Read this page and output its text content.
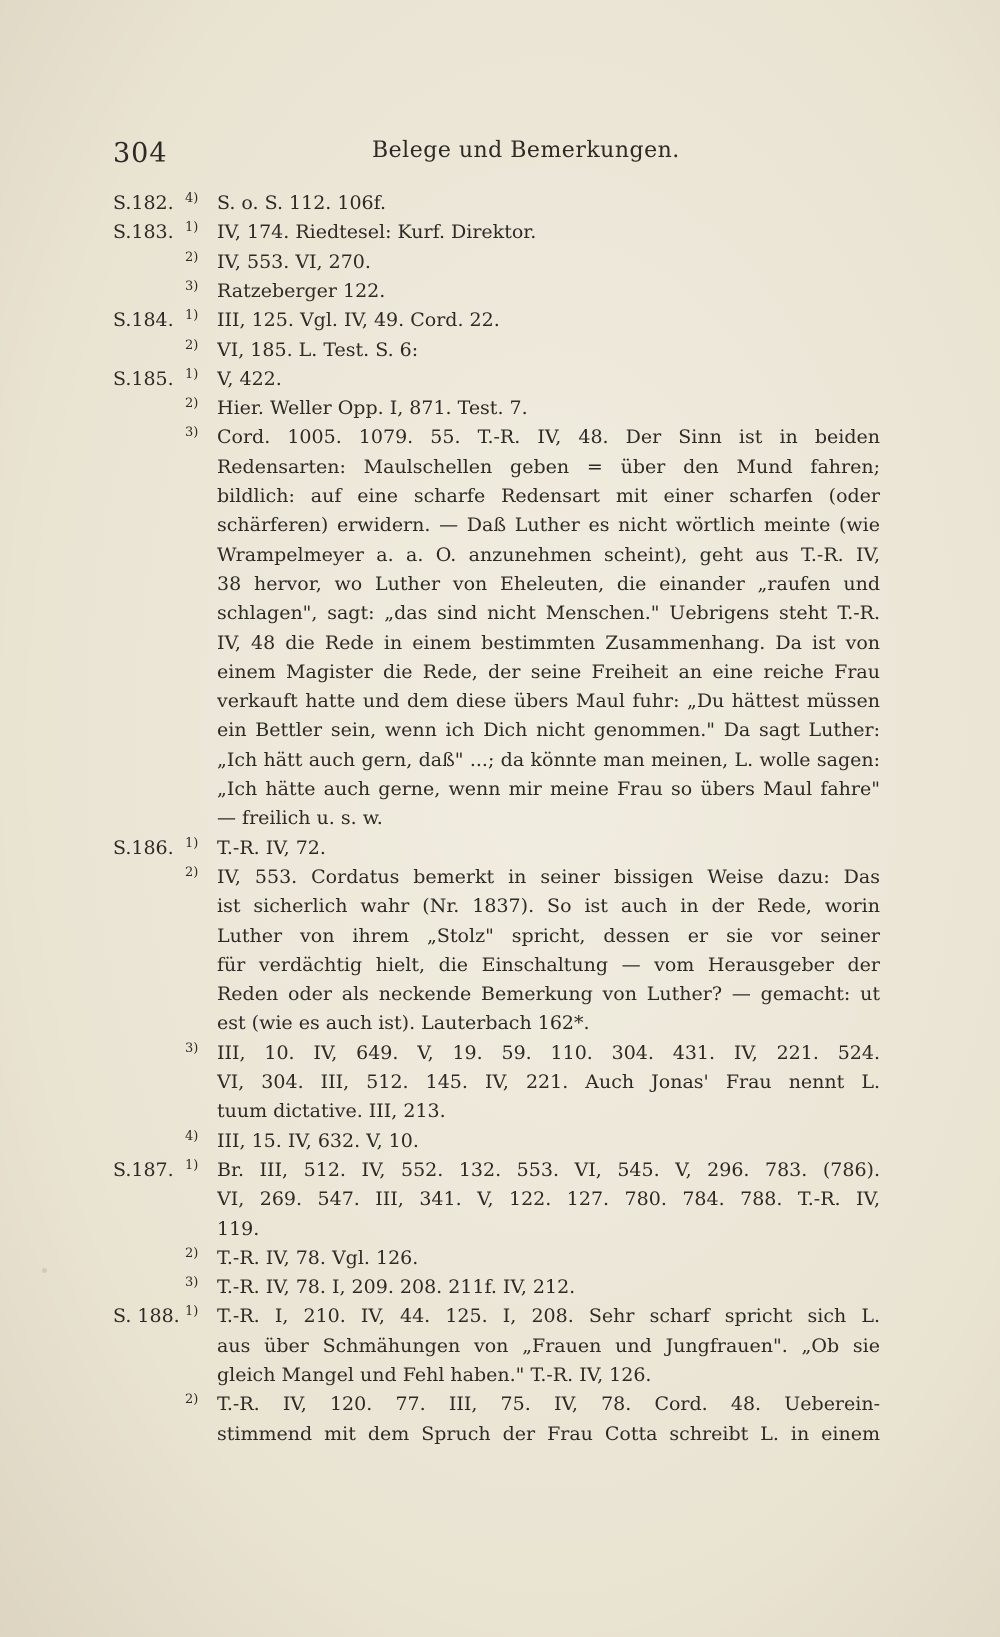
304	Belege und Bemerkungen.
S.182. 4) S. o. S. 112. 106f.
S.183. 1) IV, 174. Riedtesel: Kurf. Direktor.
2) IV, 553. VI, 270.
3) Ratzeberger 122.
S.184. 1) III, 125. Vgl. IV, 49. Cord. 22.
2) VI, 185. L. Test. S. 6:
S.185. 1) V, 422.
2) Hier. Weller Opp. I, 871. Test. 7.
3) Cord. 1005. 1079. 55. T.-R. IV, 48. Der Sinn ist in beiden
Redensarten: Maulschellen geben = über den Mund fahren;
bildlich: auf eine scharfe Redensart mit einer scharfen (oder
schärferen) erwidern. — Daß Luther es nicht wörtlich meinte (wie
Wrampelmeyer a. a. O. anzunehmen scheint), geht aus T.-R. IV,
38 hervor, wo Luther von Eheleuten, die einander „raufen und
schlagen", sagt: „das sind nicht Menschen." Uebrigens steht T.-R.
IV, 48 die Rede in einem bestimmten Zusammenhang. Da ist von
einem Magister die Rede, der seine Freiheit an eine reiche Frau
verkauft hatte und dem diese übers Maul fuhr: „Du hättest müssen
ein Bettler sein, wenn ich Dich nicht genommen." Da sagt Luther:
„Ich hätt auch gern, daß" ...; da könnte man meinen, L. wolle sagen:
„Ich hätte auch gerne, wenn mir meine Frau so übers Maul fahre"
— freilich u. s. w.
S.186. 1) T.-R. IV, 72.
2) IV, 553. Cordatus bemerkt in seiner bissigen Weise dazu: Das
ist sicherlich wahr (Nr. 1837). So ist auch in der Rede, worin
Luther von ihrem „Stolz" spricht, dessen er sie vor seiner
für verdächtig hielt, die Einschaltung — vom Herausgeber der
Reden oder als neckende Bemerkung von Luther? — gemacht: ut
est (wie es auch ist). Lauterbach 162*.
3) III, 10. IV, 649. V, 19. 59. 110. 304. 431. IV, 221. 524.
VI, 304. III, 512. 145. IV, 221. Auch Jonas' Frau nennt L.
tuum dictative. III, 213.
4) III, 15. IV, 632. V, 10.
S.187. 1) Br. III, 512. IV, 552. 132. 553. VI, 545. V, 296. 783. (786).
VI, 269. 547. III, 341. V, 122. 127. 780. 784. 788. T.-R. IV,
119.
2) T.-R. IV, 78. Vgl. 126.
3) T.-R. IV, 78. I, 209. 208. 211f. IV, 212.
S. 188. 1) T.-R. I, 210. IV, 44. 125. I, 208. Sehr scharf spricht sich L.
aus über Schmähungen von „Frauen und Jungfrauen". „Ob sie
gleich Mangel und Fehl haben." T.-R. IV, 126.
2) T.-R. IV, 120. 77. III, 75. IV, 78. Cord. 48. Ueberein-
stimmend mit dem Spruch der Frau Cotta schreibt L. in einem
